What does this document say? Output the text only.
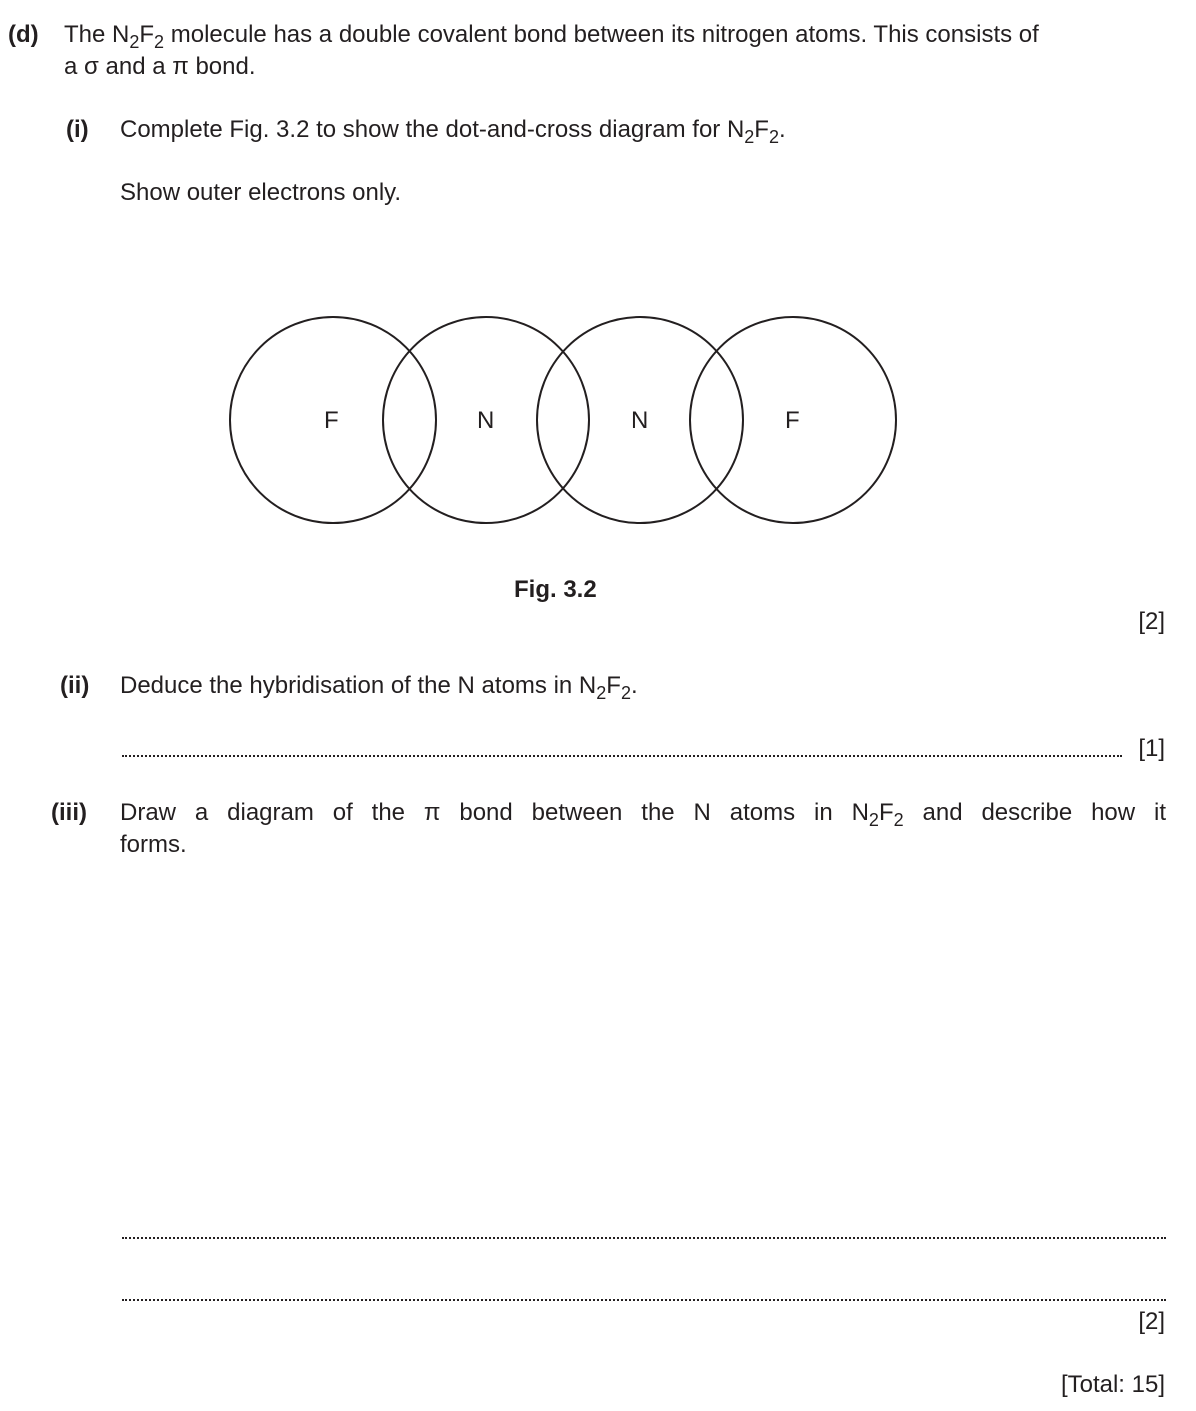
(d) The $N_2F_2$ molecule has a double covalent bond between its nitrogen atoms. This consists of
a σ and a π bond.
(i) Complete Fig. 3.2 to show the dot-and-cross diagram for $N_2F_2$.
Show outer electrons only.
F	N	N	F
Fig. 3.2
[2]
(ii) Deduce the hybridisation of the N atoms in $N_2F_2$.
[1]
(iii) Draw a diagram of the π bond between the N atoms in $N_2F_2$ and describe how it
forms.
[2]
[Total: 15]
